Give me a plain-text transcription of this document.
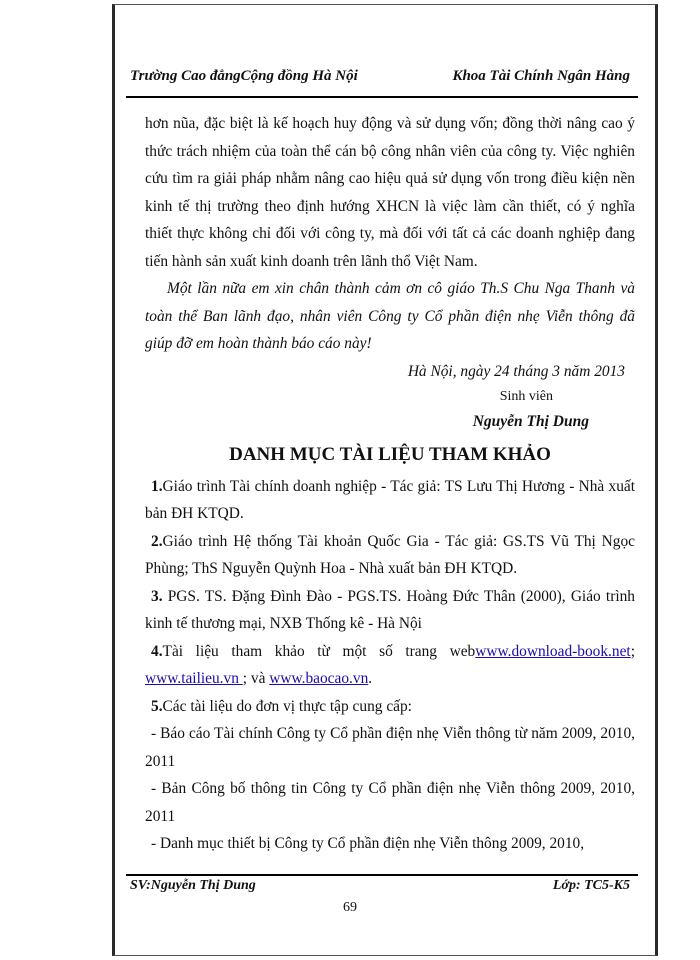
Trường Cao đẳngCộng đồng Hà Nội	Khoa Tài Chính Ngân Hàng

hơn nũa, đặc biệt là kế hoạch huy động và sử dụng vốn; đồng thời nâng cao ý thức trách nhiệm của toàn thể cán bộ công nhân viên của công ty. Việc nghiên cứu tìm ra giải pháp nhằm nâng cao hiệu quả sử dụng vốn trong điều kiện nền kinh tế thị trường theo định hướng XHCN là việc làm cần thiết, có ý nghĩa thiết thực không chỉ đối với công ty, mà đối với tất cả các doanh nghiệp đang tiến hành sản xuất kinh doanh trên lãnh thổ Việt Nam.

Một lần nữa em xin chân thành cảm ơn cô giáo Th.S Chu Nga Thanh và toàn thể Ban lãnh đạo, nhân viên Công ty Cổ phần điện nhẹ Viễn thông đã giúp đỡ em hoàn thành báo cáo này!

Hà Nội, ngày 24 tháng 3 năm 2013

Sinh viên

Nguyễn Thị Dung

DANH MỤC TÀI LIỆU THAM KHẢO

1.Giáo trình Tài chính doanh nghiệp - Tác giả: TS Lưu Thị Hương - Nhà xuất bản ĐH KTQD.

2.Giáo trình Hệ thống Tài khoản Quốc Gia - Tác giả: GS.TS Vũ Thị Ngọc Phùng; ThS Nguyễn Quỳnh Hoa - Nhà xuất bản ĐH KTQD.

3. PGS. TS. Đặng Đình Đào - PGS.TS. Hoàng Đức Thân (2000), Giáo trình kinh tế thương mại, NXB Thống kê - Hà Nội

4.Tài liệu tham khảo từ một số trang webwww.download-book.net; www.tailieu.vn ; và www.baocao.vn.

5.Các tài liệu do đơn vị thực tập cung cấp:

- Báo cáo Tài chính Công ty Cổ phần điện nhẹ Viễn thông từ năm 2009, 2010, 2011

- Bản Công bố thông tin Công ty Cổ phần điện nhẹ Viễn thông 2009, 2010, 2011

- Danh mục thiết bị Công ty Cổ phần điện nhẹ Viễn thông 2009, 2010,

SV:Nguyễn Thị Dung	Lớp: TC5-K5
69
